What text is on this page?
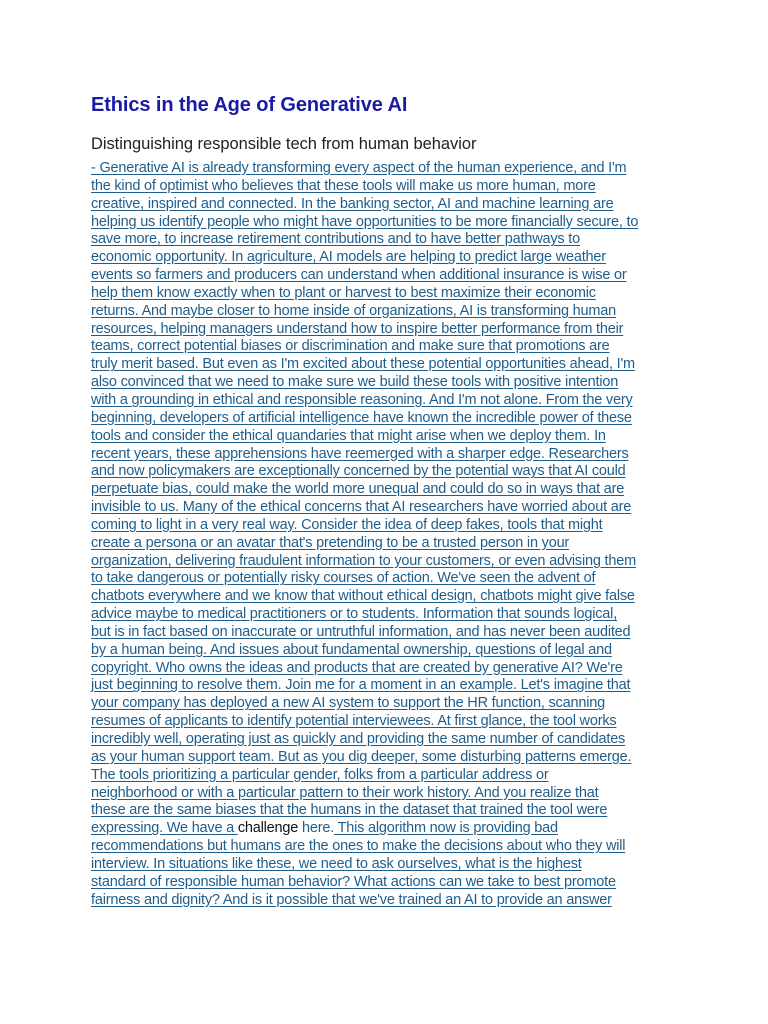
Ethics in the Age of Generative AI
Distinguishing responsible tech from human behavior
- Generative AI is already transforming every aspect of the human experience, and I'm
the kind of optimist who believes that these tools will make us more human, more
creative, inspired and connected. In the banking sector, AI and machine learning are
helping us identify people who might have opportunities to be more financially secure, to
save more, to increase retirement contributions and to have better pathways to
economic opportunity. In agriculture, AI models are helping to predict large weather
events so farmers and producers can understand when additional insurance is wise or
help them know exactly when to plant or harvest to best maximize their economic
returns. And maybe closer to home inside of organizations, AI is transforming human
resources, helping managers understand how to inspire better performance from their
teams, correct potential biases or discrimination and make sure that promotions are
truly merit based. But even as I'm excited about these potential opportunities ahead, I'm
also convinced that we need to make sure we build these tools with positive intention
with a grounding in ethical and responsible reasoning. And I'm not alone. From the very
beginning, developers of artificial intelligence have known the incredible power of these
tools and consider the ethical quandaries that might arise when we deploy them. In
recent years, these apprehensions have reemerged with a sharper edge. Researchers
and now policymakers are exceptionally concerned by the potential ways that AI could
perpetuate bias, could make the world more unequal and could do so in ways that are
invisible to us. Many of the ethical concerns that AI researchers have worried about are
coming to light in a very real way. Consider the idea of deep fakes, tools that might
create a persona or an avatar that's pretending to be a trusted person in your
organization, delivering fraudulent information to your customers, or even advising them
to take dangerous or potentially risky courses of action. We've seen the advent of
chatbots everywhere and we know that without ethical design, chatbots might give false
advice maybe to medical practitioners or to students. Information that sounds logical,
but is in fact based on inaccurate or untruthful information, and has never been audited
by a human being. And issues about fundamental ownership, questions of legal and
copyright. Who owns the ideas and products that are created by generative AI? We're
just beginning to resolve them. Join me for a moment in an example. Let's imagine that
your company has deployed a new AI system to support the HR function, scanning
resumes of applicants to identify potential interviewees. At first glance, the tool works
incredibly well, operating just as quickly and providing the same number of candidates
as your human support team. But as you dig deeper, some disturbing patterns emerge.
The tools prioritizing a particular gender, folks from a particular address or
neighborhood or with a particular pattern to their work history. And you realize that
these are the same biases that the humans in the dataset that trained the tool were
expressing. We have a challenge here. This algorithm now is providing bad
recommendations but humans are the ones to make the decisions about who they will
interview. In situations like these, we need to ask ourselves, what is the highest
standard of responsible human behavior? What actions can we take to best promote
fairness and dignity? And is it possible that we've trained an AI to provide an answer
